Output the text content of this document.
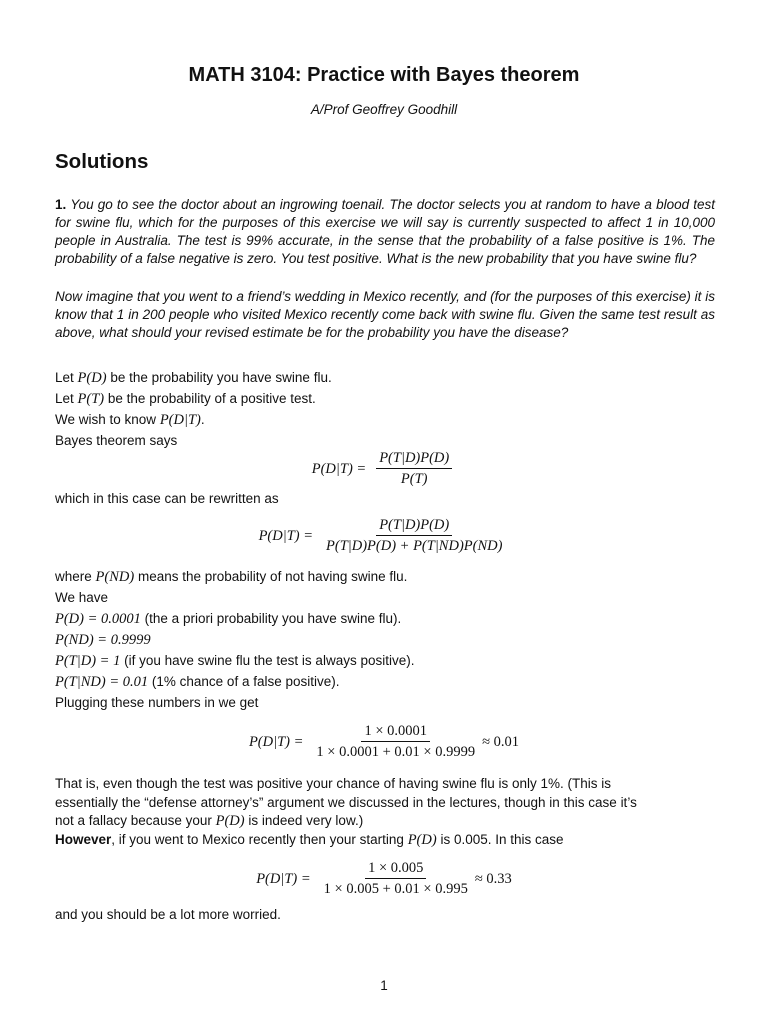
MATH 3104: Practice with Bayes theorem
A/Prof Geoffrey Goodhill
Solutions
1. You go to see the doctor about an ingrowing toenail. The doctor selects you at random to have a blood test for swine flu, which for the purposes of this exercise we will say is currently suspected to affect 1 in 10,000 people in Australia. The test is 99% accurate, in the sense that the probability of a false positive is 1%. The probability of a false negative is zero. You test positive. What is the new probability that you have swine flu?
Now imagine that you went to a friend’s wedding in Mexico recently, and (for the purposes of this exercise) it is know that 1 in 200 people who visited Mexico recently come back with swine flu. Given the same test result as above, what should your revised estimate be for the probability you have the disease?
Let P(D) be the probability you have swine flu.
Let P(T) be the probability of a positive test.
We wish to know P(D|T).
Bayes theorem says
$P(D|T) = \frac{P(T|D)P(D)}{P(T)}$
which in this case can be rewritten as
$P(D|T) = \frac{P(T|D)P(D)}{P(T|D)P(D) + P(T|ND)P(ND)}$
where P(ND) means the probability of not having swine flu.
We have
P(D) = 0.0001 (the a priori probability you have swine flu).
P(ND) = 0.9999
P(T|D) = 1 (if you have swine flu the test is always positive).
P(T|ND) = 0.01 (1% chance of a false positive).
Plugging these numbers in we get
$P(D|T) = \frac{1 \times 0.0001}{1 \times 0.0001 + 0.01 \times 0.9999} \approx 0.01$
That is, even though the test was positive your chance of having swine flu is only 1%. (This is
essentially the “defense attorney’s” argument we discussed in the lectures, though in this case it’s
not a fallacy because your P(D) is indeed very low.)
However, if you went to Mexico recently then your starting P(D) is 0.005. In this case
$P(D|T) = \frac{1 \times 0.005}{1 \times 0.005 + 0.01 \times 0.995} \approx 0.33$
and you should be a lot more worried.
1
